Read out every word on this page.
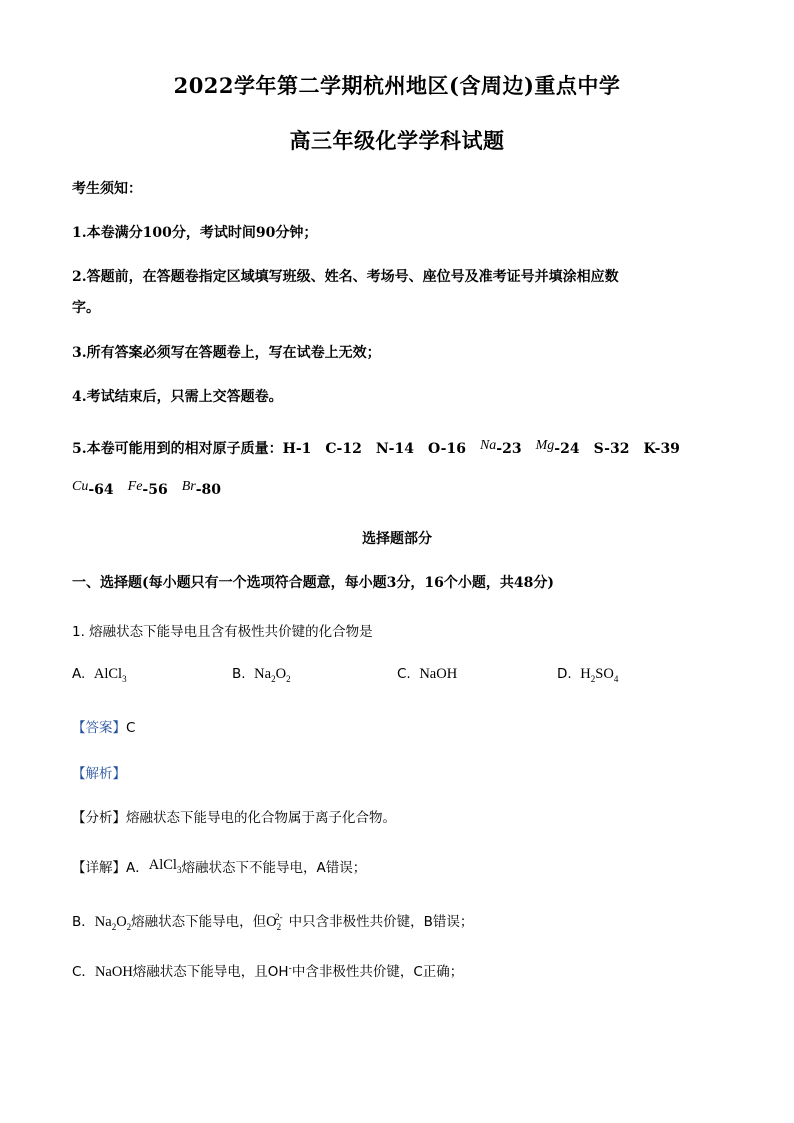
2022学年第二学期杭州地区(含周边)重点中学
高三年级化学学科试题
考生须知：
1.本卷满分100分，考试时间90分钟；
2.答题前，在答题卷指定区域填写班级、姓名、考场号、座位号及准考证号并填涂相应数
字。
3.所有答案必须写在答题卷上，写在试卷上无效；
4.考试结束后，只需上交答题卷。
5.本卷可能用到的相对原子质量：H-1 C-12 N-14 O-16 Na-23 Mg-24 S-32 K-39
Cu-64 Fe-56 Br-80
选择题部分
一、选择题(每小题只有一个选项符合题意，每小题3分，16个小题，共48分)
1. 熔融状态下能导电且含有极性共价键的化合物是
A. AlCl$_3$	B. $Na_2O_2$	C. NaOH	D. $H_2SO_4$
【答案】C
【解析】
【分析】熔融状态下能导电的化合物属于离子化合物。
【详解】A．AlCl$_3$熔融状态下不能导电，A错误；
B．$Na_2O_2$熔融状态下能导电，但$O_2^{2-}$ 中只含非极性共价键，B错误；
C．NaOH熔融状态下能导电，且OH-中含非极性共价键，C正确；
